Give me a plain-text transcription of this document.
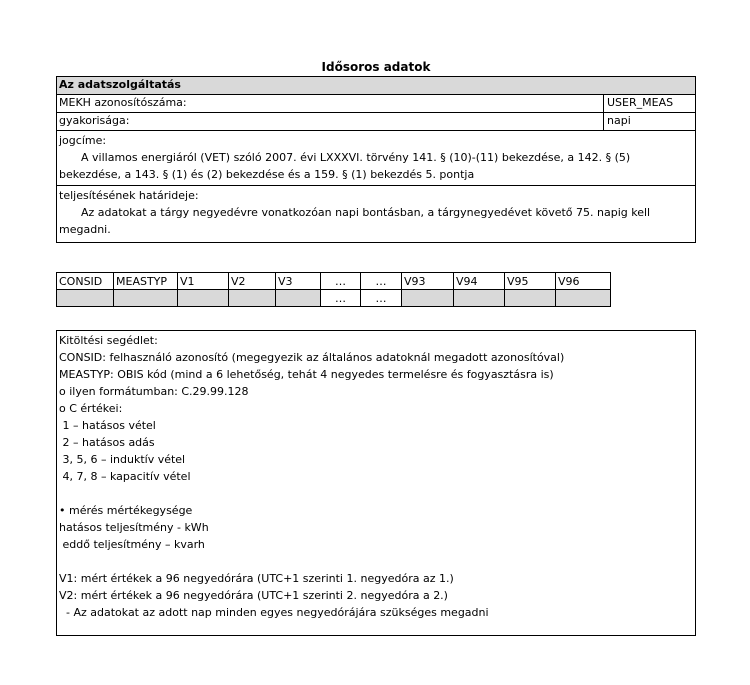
Idősoros adatok
Az adatszolgáltatás
MEKH azonosítószáma:	USER_MEAS
gyakorisága:	napi
jogcíme:
A villamos energiáról (VET) szóló 2007. évi LXXXVI. törvény 141. § (10)-(11) bekezdése, a 142. § (5) bekezdése, a 143. § (1) és (2) bekezdése és a 159. § (1) bekezdés 5. pontja
teljesítésének határideje:
Az adatokat a tárgy negyedévre vonatkozóan napi bontásban, a tárgynegyedévet követő 75. napig kell megadni.
CONSID	MEASTYP	V1	V2	V3	…	…	V93	V94	V95	V96
					…	…				
Kitöltési segédlet:
CONSID: felhasználó azonosító (megegyezik az általános adatoknál megadott azonosítóval)
MEASTYP: OBIS kód (mind a 6 lehetőség, tehát 4 negyedes termelésre és fogyasztásra is)
o ilyen formátumban: C.29.99.128
o C értékei:
1 – hatásos vétel
2 – hatásos adás
3, 5, 6 – induktív vétel
4, 7, 8 – kapacitív vétel
• mérés mértékegysége
hatásos teljesítmény - kWh
eddő teljesítmény – kvarh
V1: mért értékek a 96 negyedórára (UTC+1 szerinti 1. negyedóra az 1.)
V2: mért értékek a 96 negyedórára (UTC+1 szerinti 2. negyedóra a 2.)
- Az adatokat az adott nap minden egyes negyedórájára szükséges megadni
